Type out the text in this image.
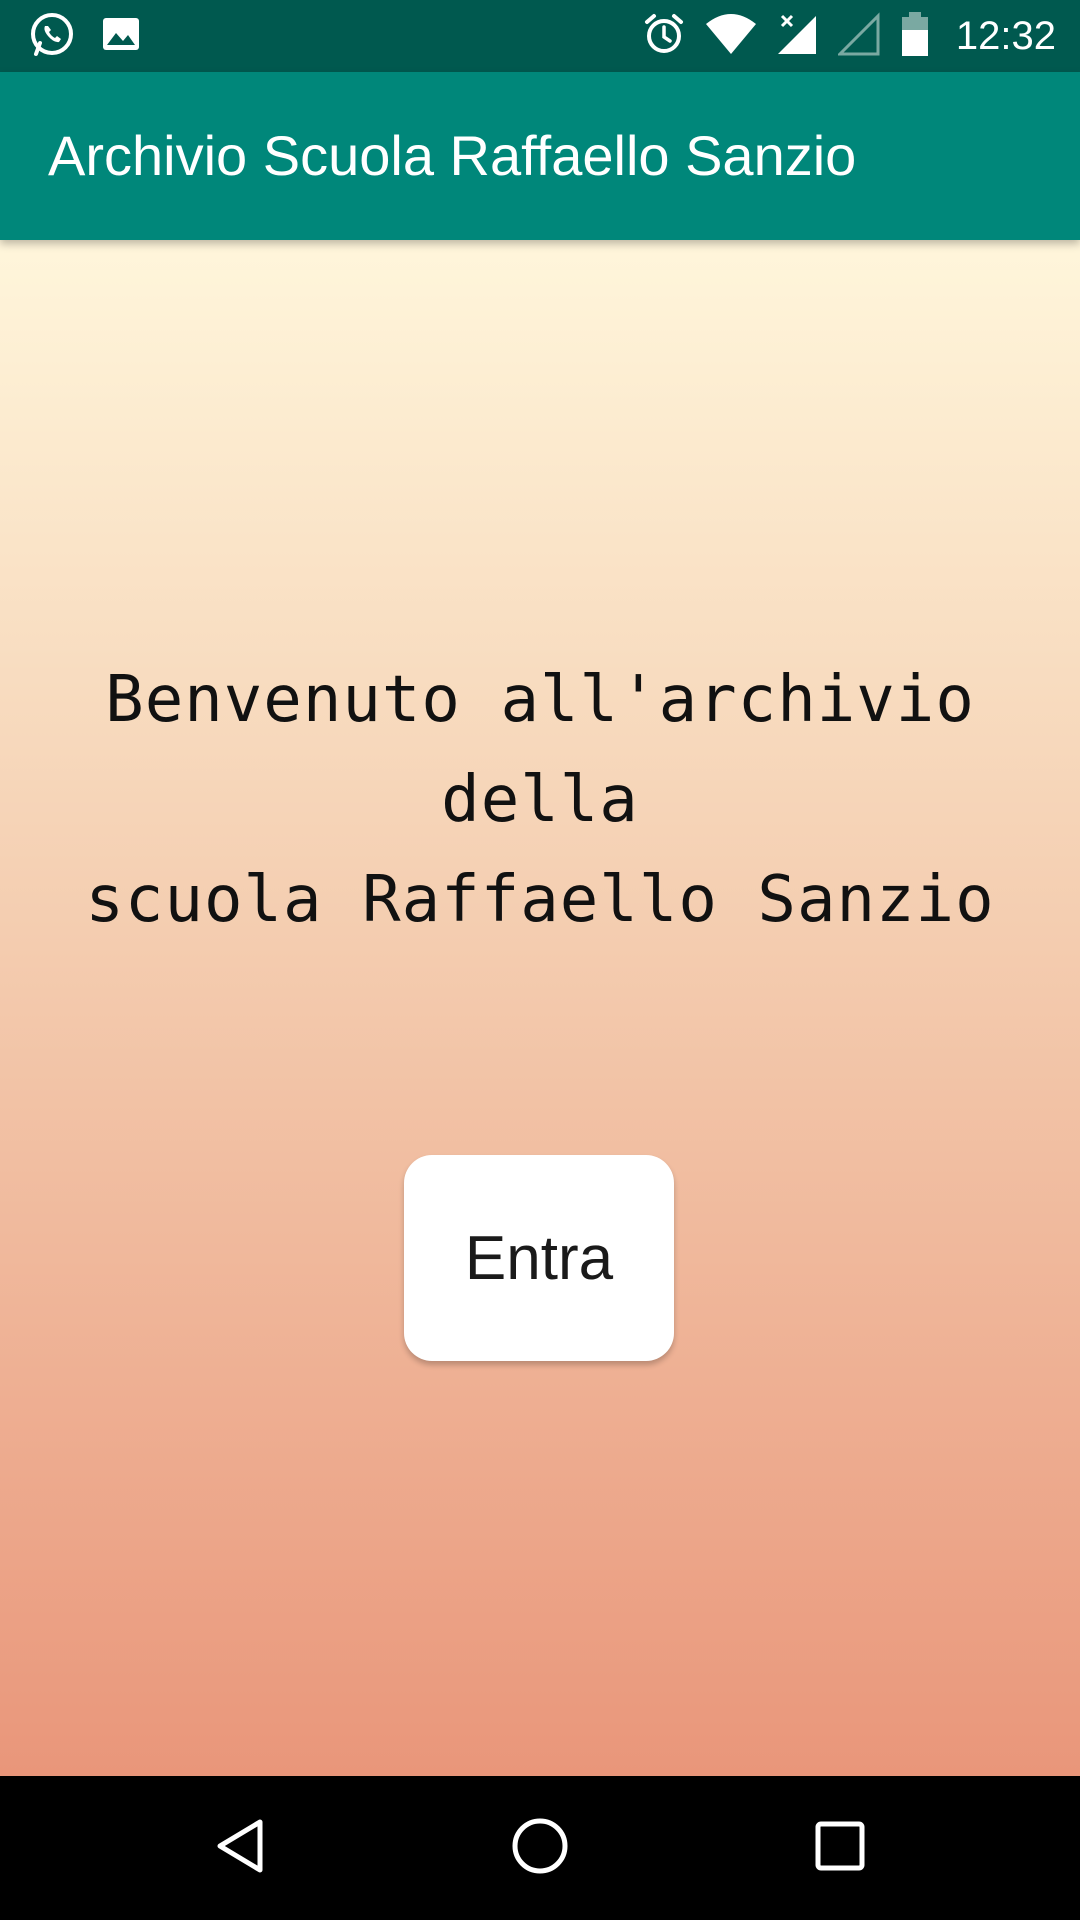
12:32
Archivio Scuola Raffaello Sanzio
Benvenuto all'archivio della
scuola Raffaello Sanzio
Entra
